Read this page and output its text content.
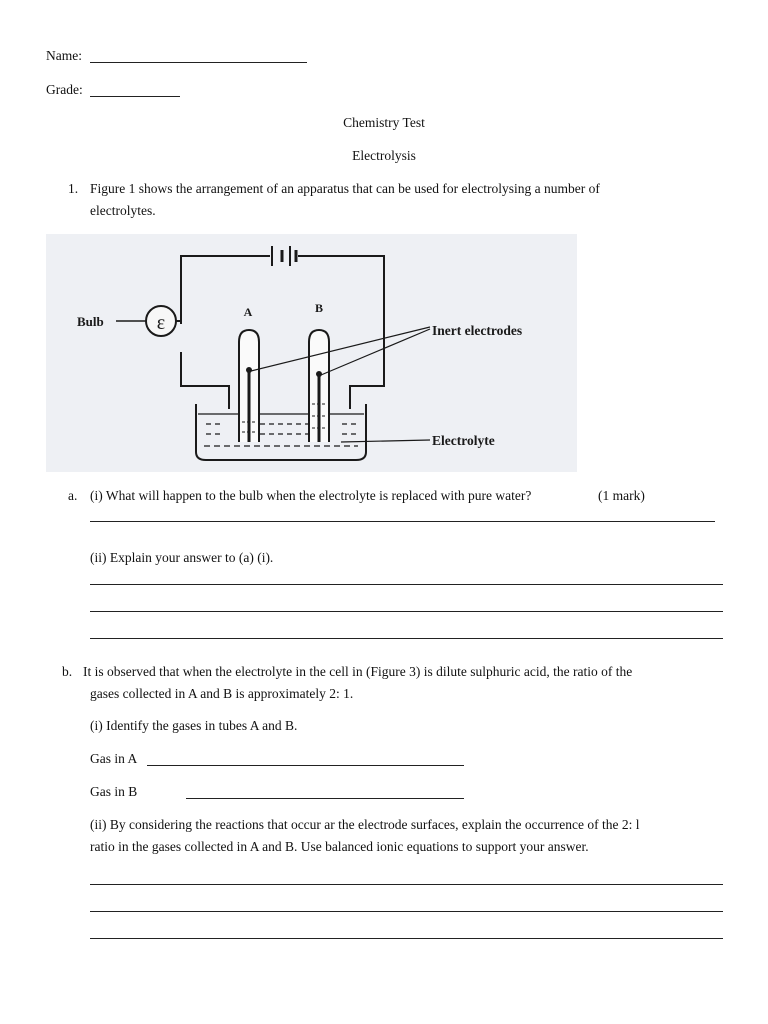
Name:
Grade:
Chemistry Test
Electrolysis
1. Figure 1 shows the arrangement of an apparatus that can be used for electrolysing a number of
electrolytes.
ε
Bulb
A	B
Inert electrodes
Electrolyte
a. (i) What will happen to the bulb when the electrolyte is replaced with pure water?	(1 mark)
(ii) Explain your answer to (a) (i).
b. It is observed that when the electrolyte in the cell in (Figure 3) is dilute sulphuric acid, the ratio of the
gases collected in A and B is approximately 2: 1.
(i) Identify the gases in tubes A and B.
Gas in A
Gas in B
(ii) By considering the reactions that occur ar the electrode surfaces, explain the occurrence of the 2: l
ratio in the gases collected in A and B. Use balanced ionic equations to support your answer.
